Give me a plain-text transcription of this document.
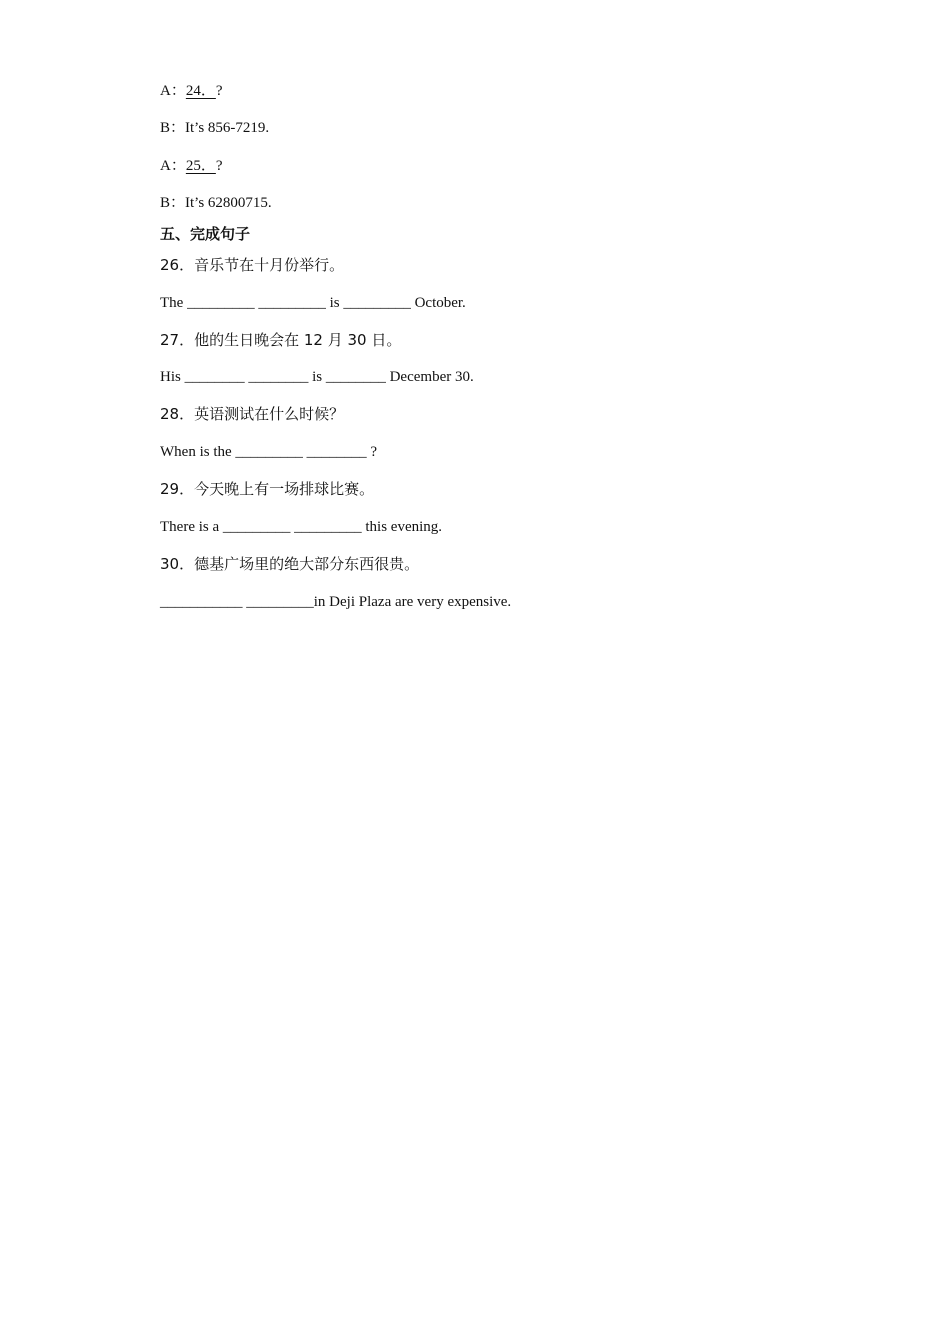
A：24．?
B：It’s 856-7219.
A：25．?
B：It’s 62800715.
五、完成句子
26．音乐节在十月份举行。
The _________ _________ is _________ October.
27．他的生日晚会在 12 月 30 日。
His ________ ________ is ________ December 30.
28．英语测试在什么时候？
When is the _________ ________ ?
29．今天晚上有一场排球比赛。
There is a _________ _________ this evening.
30．德基广场里的绝大部分东西很贵。
___________ _________in Deji Plaza are very expensive.
